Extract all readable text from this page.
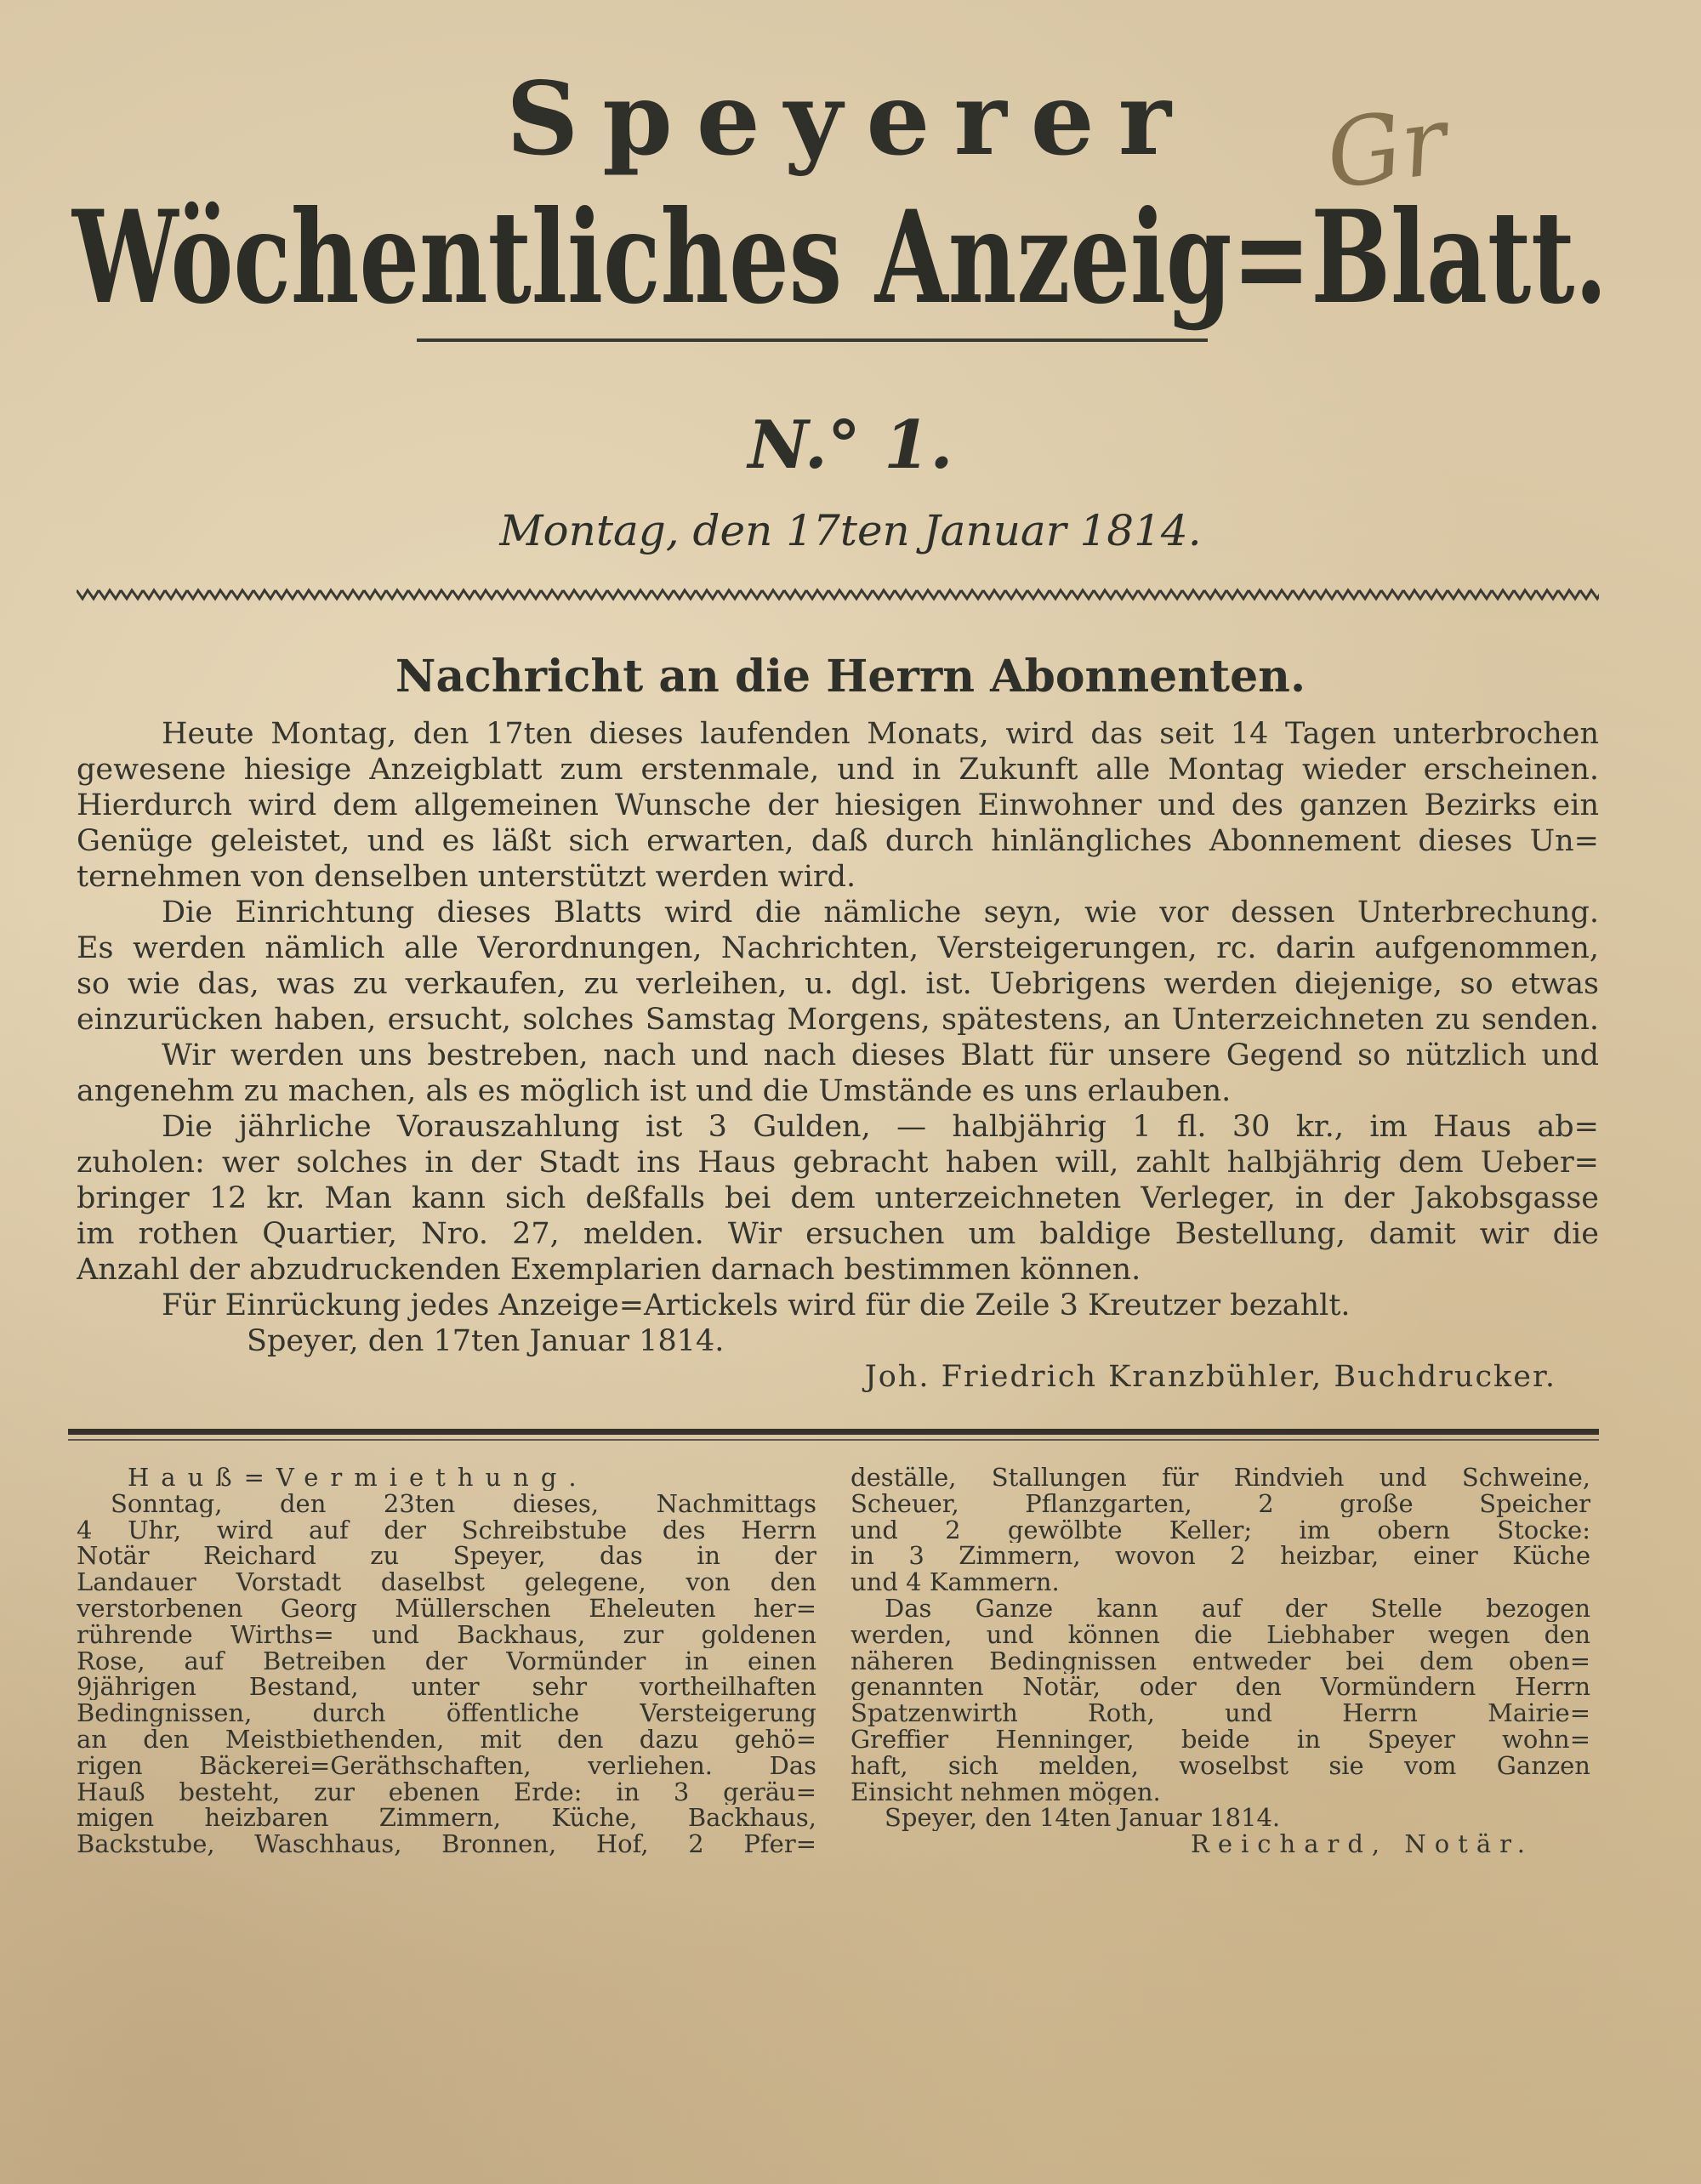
Speyerer
Wöchentliches Anzeig=Blatt.
Gr
N.° 1.
Montag, den 17ten Januar 1814.
Nachricht an die Herrn Abonnenten.
Heute Montag, den 17ten dieses laufenden Monats, wird das seit 14 Tagen unterbrochen
gewesene hiesige Anzeigblatt zum erstenmale, und in Zukunft alle Montag wieder erscheinen.
Hierdurch wird dem allgemeinen Wunsche der hiesigen Einwohner und des ganzen Bezirks ein
Genüge geleistet, und es läßt sich erwarten, daß durch hinlängliches Abonnement dieses Un=
ternehmen von denselben unterstützt werden wird.
Die Einrichtung dieses Blatts wird die nämliche seyn, wie vor dessen Unterbrechung.
Es werden nämlich alle Verordnungen, Nachrichten, Versteigerungen, rc. darin aufgenommen,
so wie das, was zu verkaufen, zu verleihen, u. dgl. ist. Uebrigens werden diejenige, so etwas
einzurücken haben, ersucht, solches Samstag Morgens, spätestens, an Unterzeichneten zu senden.
Wir werden uns bestreben, nach und nach dieses Blatt für unsere Gegend so nützlich und
angenehm zu machen, als es möglich ist und die Umstände es uns erlauben.
Die jährliche Vorauszahlung ist 3 Gulden, — halbjährig 1 fl. 30 kr., im Haus ab=
zuholen: wer solches in der Stadt ins Haus gebracht haben will, zahlt halbjährig dem Ueber=
bringer 12 kr. Man kann sich deßfalls bei dem unterzeichneten Verleger, in der Jakobsgasse
im rothen Quartier, Nro. 27, melden. Wir ersuchen um baldige Bestellung, damit wir die
Anzahl der abzudruckenden Exemplarien darnach bestimmen können.
Für Einrückung jedes Anzeige=Artickels wird für die Zeile 3 Kreutzer bezahlt.
Speyer, den 17ten Januar 1814.
Joh. Friedrich Kranzbühler, Buchdrucker.
Hauß=Vermiethung.
Sonntag, den 23ten dieses, Nachmittags
4 Uhr, wird auf der Schreibstube des Herrn
Notär Reichard zu Speyer, das in der
Landauer Vorstadt daselbst gelegene, von den
verstorbenen Georg Müllerschen Eheleuten her=
rührende Wirths= und Backhaus, zur goldenen
Rose, auf Betreiben der Vormünder in einen
9jährigen Bestand, unter sehr vortheilhaften
Bedingnissen, durch öffentliche Versteigerung
an den Meistbiethenden, mit den dazu gehö=
rigen Bäckerei=Geräthschaften, verliehen. Das
Hauß besteht, zur ebenen Erde: in 3 geräu=
migen heizbaren Zimmern, Küche, Backhaus,
Backstube, Waschhaus, Bronnen, Hof, 2 Pfer=
deställe, Stallungen für Rindvieh und Schweine,
Scheuer, Pflanzgarten, 2 große Speicher
und 2 gewölbte Keller; im obern Stocke:
in 3 Zimmern, wovon 2 heizbar, einer Küche
und 4 Kammern.
Das Ganze kann auf der Stelle bezogen
werden, und können die Liebhaber wegen den
näheren Bedingnissen entweder bei dem oben=
genannten Notär, oder den Vormündern Herrn
Spatzenwirth Roth, und Herrn Mairie=
Greffier Henninger, beide in Speyer wohn=
haft, sich melden, woselbst sie vom Ganzen
Einsicht nehmen mögen.
Speyer, den 14ten Januar 1814.
Reichard, Notär.
